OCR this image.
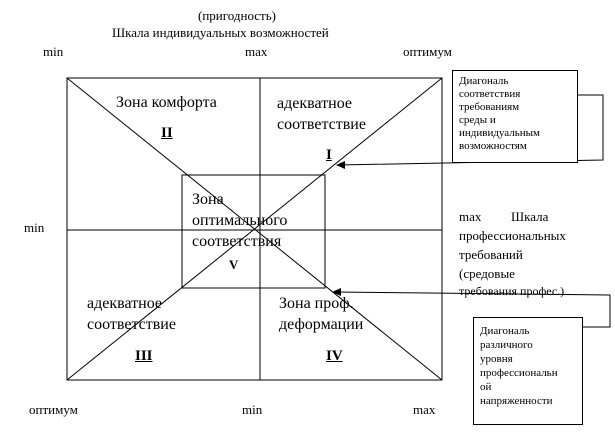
(пригодность)
Шкала индивидуальных возможностей
min	max	оптимум
min
оптимум	min	max
max Шкала
профессиональных
требований
(средовые
требования профес.)
Зона комфорта
II
адекватное
соответствие
I
Зона
оптимального
соответствия
V
адекватное
соответствие
III
Зона проф.
деформации
IV
Диагональ
соответствия
требованиям
среды и
индивидуальным
возможностям
Диагональ
различного
уровня
профессиональн
ой
напряженности
